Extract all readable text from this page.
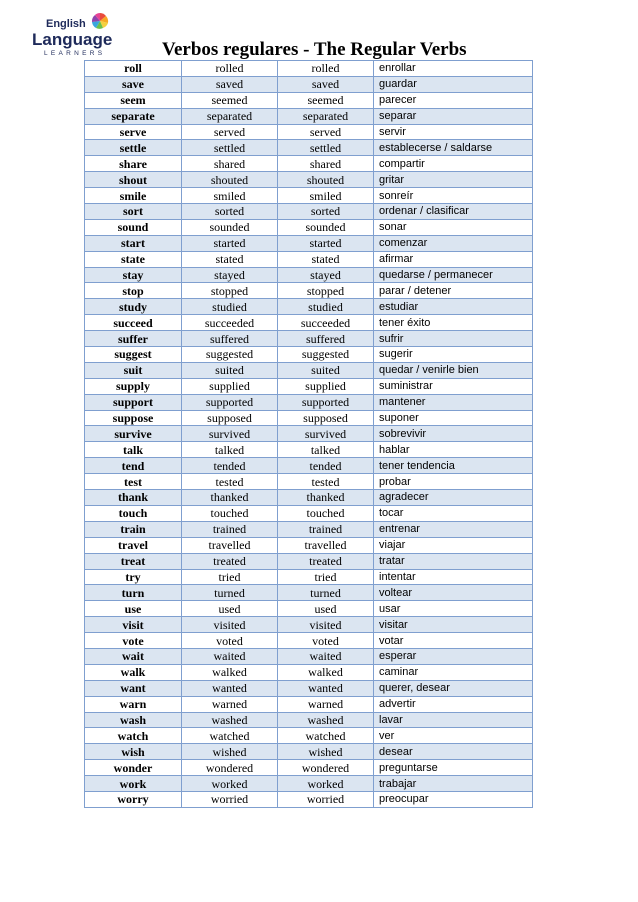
English
Language
LEARNERS	Verbos regulares - The Regular Verbs
roll	rolled	rolled	enrollar
save	saved	saved	guardar
seem	seemed	seemed	parecer
separate	separated	separated	separar
serve	served	served	servir
settle	settled	settled	establecerse / saldarse
share	shared	shared	compartir
shout	shouted	shouted	gritar
smile	smiled	smiled	sonreír
sort	sorted	sorted	ordenar / clasificar
sound	sounded	sounded	sonar
start	started	started	comenzar
state	stated	stated	afirmar
stay	stayed	stayed	quedarse / permanecer
stop	stopped	stopped	parar / detener
study	studied	studied	estudiar
succeed	succeeded	succeeded	tener éxito
suffer	suffered	suffered	sufrir
suggest	suggested	suggested	sugerir
suit	suited	suited	quedar / venirle bien
supply	supplied	supplied	suministrar
support	supported	supported	mantener
suppose	supposed	supposed	suponer
survive	survived	survived	sobrevivir
talk	talked	talked	hablar
tend	tended	tended	tener tendencia
test	tested	tested	probar
thank	thanked	thanked	agradecer
touch	touched	touched	tocar
train	trained	trained	entrenar
travel	travelled	travelled	viajar
treat	treated	treated	tratar
try	tried	tried	intentar
turn	turned	turned	voltear
use	used	used	usar
visit	visited	visited	visitar
vote	voted	voted	votar
wait	waited	waited	esperar
walk	walked	walked	caminar
want	wanted	wanted	querer, desear
warn	warned	warned	advertir
wash	washed	washed	lavar
watch	watched	watched	ver
wish	wished	wished	desear
wonder	wondered	wondered	preguntarse
work	worked	worked	trabajar
worry	worried	worried	preocupar
